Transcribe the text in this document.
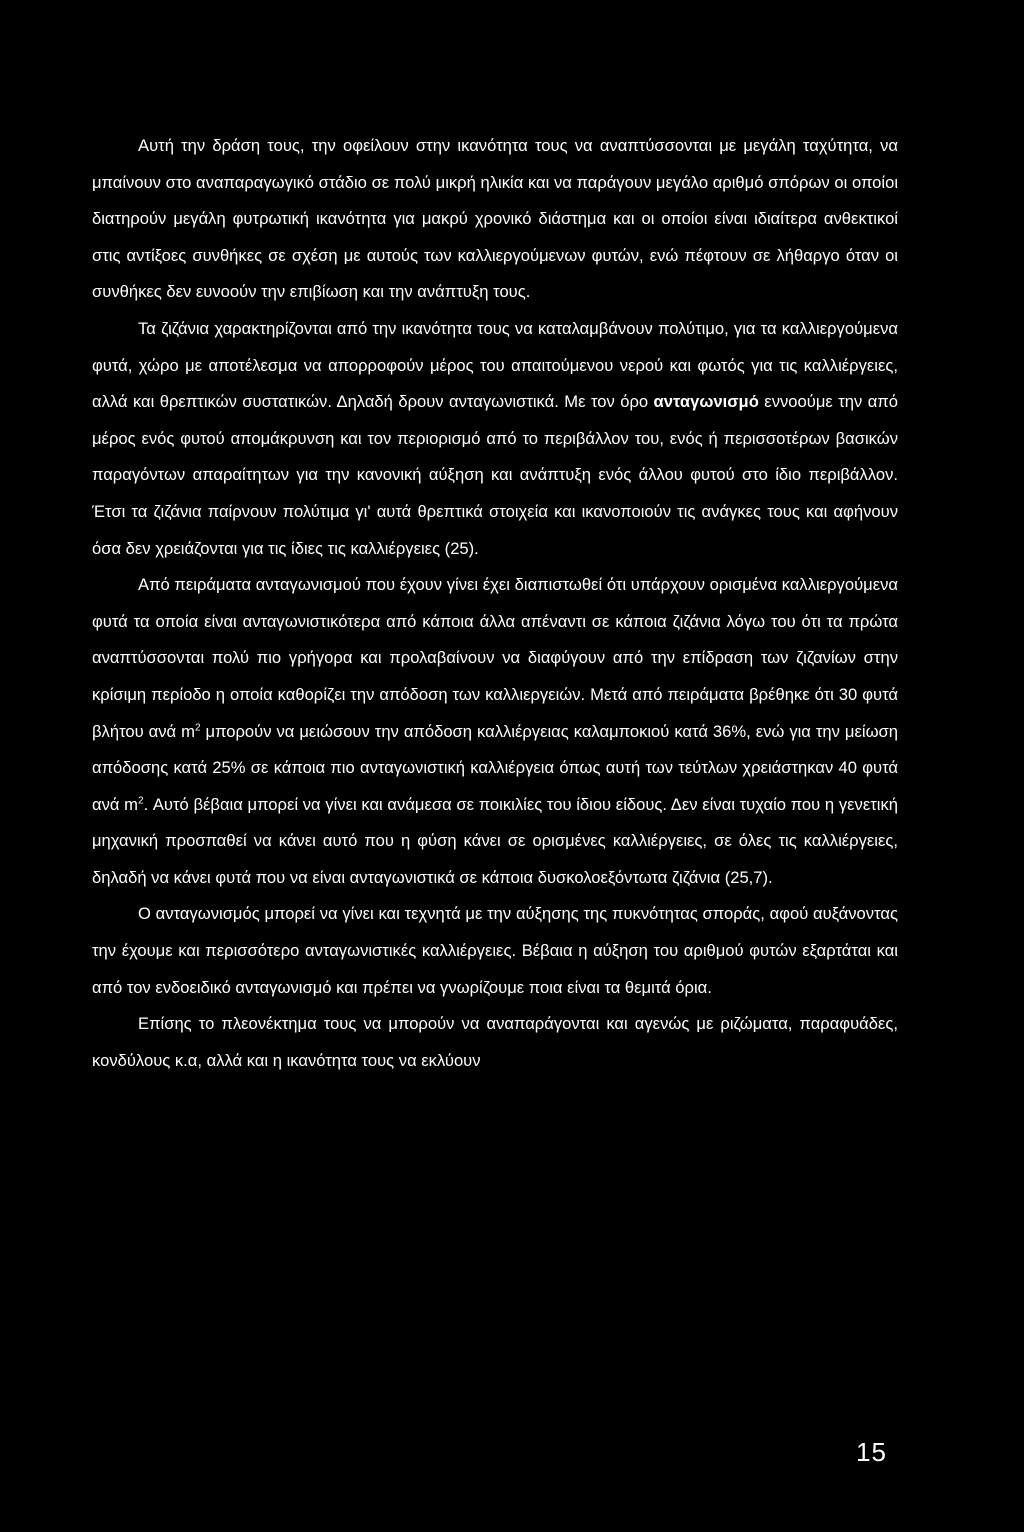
Αυτή την δράση τους, την οφείλουν στην ικανότητα τους να αναπτύσσονται με μεγάλη ταχύτητα, να μπαίνουν στο αναπαραγωγικό στάδιο σε πολύ μικρή ηλικία και να παράγουν μεγάλο αριθμό σπόρων οι οποίοι διατηρούν μεγάλη φυτρωτική ικανότητα για μακρύ χρονικό διάστημα και οι οποίοι είναι ιδιαίτερα ανθεκτικοί στις αντίξοες συνθήκες σε σχέση με αυτούς των καλλιεργούμενων φυτών, ενώ πέφτουν σε λήθαργο όταν οι συνθήκες δεν ευνοούν την επιβίωση και την ανάπτυξη τους.

Τα ζιζάνια χαρακτηρίζονται από την ικανότητα τους να καταλαμβάνουν πολύτιμο, για τα καλλιεργούμενα φυτά, χώρο με αποτέλεσμα να απορροφούν μέρος του απαιτούμενου νερού και φωτός για τις καλλιέργειες, αλλά και θρεπτικών συστατικών. Δηλαδή δρουν ανταγωνιστικά. Με τον όρο ανταγωνισμό εννοούμε την από μέρος ενός φυτού απομάκρυνση και τον περιορισμό από το περιβάλλον του, ενός ή περισσοτέρων βασικών παραγόντων απαραίτητων για την κανονική αύξηση και ανάπτυξη ενός άλλου φυτού στο ίδιο περιβάλλον. Έτσι τα ζιζάνια παίρνουν πολύτιμα γι' αυτά θρεπτικά στοιχεία και ικανοποιούν τις ανάγκες τους και αφήνουν όσα δεν χρειάζονται για τις ίδιες τις καλλιέργειες (25).

Από πειράματα ανταγωνισμού που έχουν γίνει έχει διαπιστωθεί ότι υπάρχουν ορισμένα καλλιεργούμενα φυτά τα οποία είναι ανταγωνιστικότερα από κάποια άλλα απέναντι σε κάποια ζιζάνια λόγω του ότι τα πρώτα αναπτύσσονται πολύ πιο γρήγορα και προλαβαίνουν να διαφύγουν από την επίδραση των ζιζανίων στην κρίσιμη περίοδο η οποία καθορίζει την απόδοση των καλλιεργειών. Μετά από πειράματα βρέθηκε ότι 30 φυτά βλήτου ανά $m^2$ μπορούν να μειώσουν την απόδοση καλλιέργειας καλαμποκιού κατά 36%, ενώ για την μείωση απόδοσης κατά 25% σε κάποια πιο ανταγωνιστική καλλιέργεια όπως αυτή των τεύτλων χρειάστηκαν 40 φυτά ανά $m^2$. Αυτό βέβαια μπορεί να γίνει και ανάμεσα σε ποικιλίες του ίδιου είδους. Δεν είναι τυχαίο που η γενετική μηχανική προσπαθεί να κάνει αυτό που η φύση κάνει σε ορισμένες καλλιέργειες, σε όλες τις καλλιέργειες, δηλαδή να κάνει φυτά που να είναι ανταγωνιστικά σε κάποια δυσκολοεξόντωτα ζιζάνια (25,7).

Ο ανταγωνισμός μπορεί να γίνει και τεχνητά με την αύξησης της πυκνότητας σποράς, αφού αυξάνοντας την έχουμε και περισσότερο ανταγωνιστικές καλλιέργειες. Βέβαια η αύξηση του αριθμού φυτών εξαρτάται και από τον ενδοειδικό ανταγωνισμό και πρέπει να γνωρίζουμε ποια είναι τα θεμιτά όρια.

Επίσης το πλεονέκτημα τους να μπορούν να αναπαράγονται και αγενώς με ριζώματα, παραφυάδες, κονδύλους κ.α, αλλά και η ικανότητα τους να εκλύουν

15
